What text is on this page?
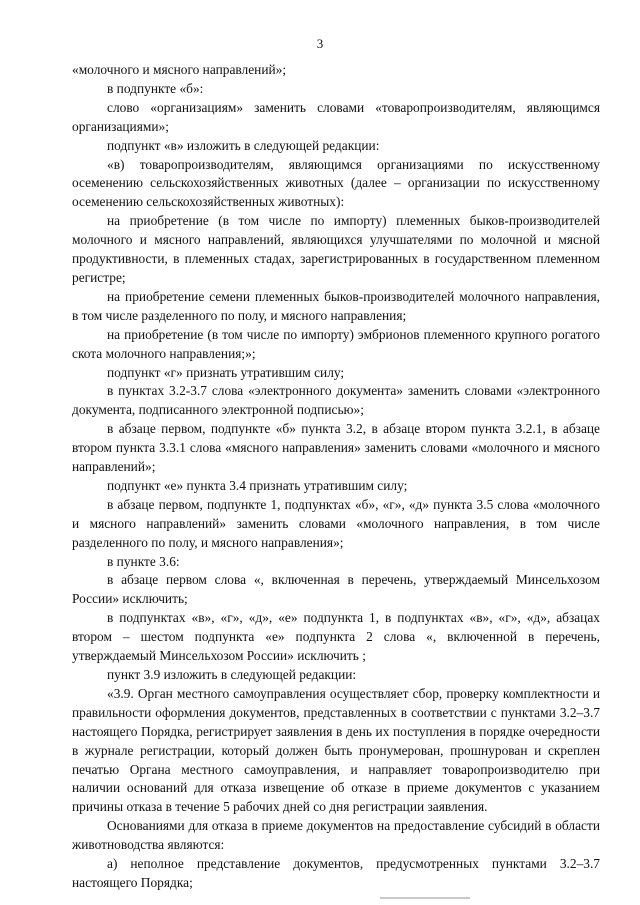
3

«молочного и мясного направлений»;

в подпункте «б»:

слово «организациям» заменить словами «товаропроизводителям, являющимся организациями»;

подпункт «в» изложить в следующей редакции:

«в) товаропроизводителям, являющимся организациями по искусственному осеменению сельскохозяйственных животных (далее – организации по искусственному осеменению сельскохозяйственных животных):

на приобретение (в том числе по импорту) племенных быков-производителей молочного и мясного направлений, являющихся улучшателями по молочной и мясной продуктивности, в племенных стадах, зарегистрированных в государственном племенном регистре;

на приобретение семени племенных быков-производителей молочного направления, в том числе разделенного по полу, и мясного направления;

на приобретение (в том числе по импорту) эмбрионов племенного крупного рогатого скота молочного направления;»;

подпункт «г» признать утратившим силу;

в пунктах 3.2-3.7 слова «электронного документа» заменить словами «электронного документа, подписанного электронной подписью»;

в абзаце первом, подпункте «б» пункта 3.2, в абзаце втором пункта 3.2.1, в абзаце втором пункта 3.3.1 слова «мясного направления» заменить словами «молочного и мясного направлений»;

подпункт «е» пункта 3.4 признать утратившим силу;

в абзаце первом, подпункте 1, подпунктах «б», «г», «д» пункта 3.5 слова «молочного и мясного направлений» заменить словами «молочного направления, в том числе разделенного по полу, и мясного направления»;

в пункте 3.6:

в абзаце первом слова «, включенная в перечень, утверждаемый Минсельхозом России» исключить;

в подпунктах «в», «г», «д», «е» подпункта 1, в подпунктах «в», «г», «д», абзацах втором – шестом подпункта «е» подпункта 2 слова «, включенной в перечень, утверждаемый Минсельхозом России» исключить ;

пункт 3.9 изложить в следующей редакции:

«3.9. Орган местного самоуправления осуществляет сбор, проверку комплектности и правильности оформления документов, представленных в соответствии с пунктами 3.2–3.7 настоящего Порядка, регистрирует заявления в день их поступления в порядке очередности в журнале регистрации, который должен быть пронумерован, прошнурован и скреплен печатью Органа местного самоуправления, и направляет товаропроизводителю при наличии оснований для отказа извещение об отказе в приеме документов с указанием причины отказа в течение 5 рабочих дней со дня регистрации заявления.

Основаниями для отказа в приеме документов на предоставление субсидий в области животноводства являются:

а) неполное представление документов, предусмотренных пунктами 3.2–3.7 настоящего Порядка;
